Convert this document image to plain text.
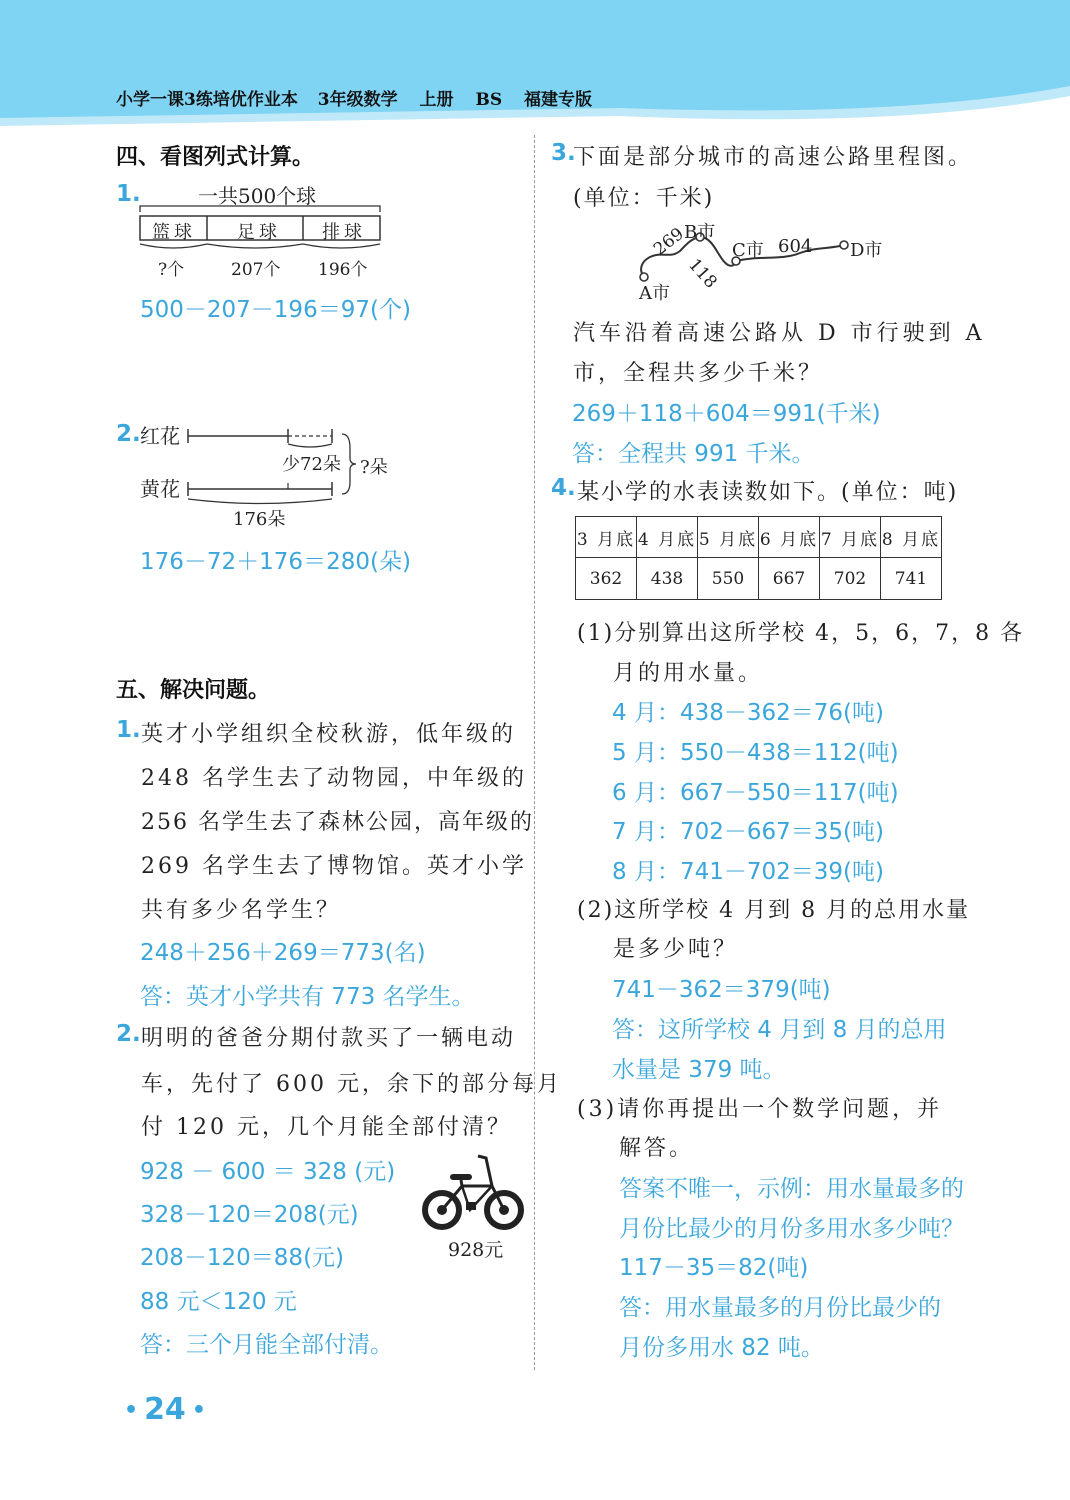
小学一课3练培优作业本 3年级数学 上册 BS 福建专版
四、看图列式计算。
1.	一共500个球
篮球 足球 排球
?个	207个 196个
500－207－196＝97(个)
2. 红花
黄花
少72朵 ?朵
176朵
176－72＋176＝280(朵)
五、解决问题。
1. 英才小学组织全校秋游，低年级的
248 名学生去了动物园，中年级的
256 名学生去了森林公园，高年级的
269 名学生去了博物馆。英才小学
共有多少名学生？
248＋256＋269＝773(名)
答：英才小学共有 773 名学生。
2. 明明的爸爸分期付款买了一辆电动
车，先付了 600 元，余下的部分每月
付 120 元，几个月能全部付清？
928 － 600 ＝ 328 (元)
328－120＝208(元)
208－120＝88(元)
88 元＜120 元
答：三个月能全部付清。
928元
3.
下面是部分城市的高速公路里程图。
(单位：千米)
A市
B市
C市	D市
269
118
604
汽车沿着高速公路从 D 市行驶到 A
市，全程共多少千米？
269＋118＋604＝991(千米)
答：全程共 991 千米。
4. 某小学的水表读数如下。(单位：吨)
3 月底	4 月底	5 月底	6 月底	7 月底	8 月底
362	438	550	667	702	741
(1)分别算出这所学校 4，5，6，7，8 各
月的用水量。
4 月：438－362＝76(吨)
5 月：550－438＝112(吨)
6 月：667－550＝117(吨)
7 月：702－667＝35(吨)
8 月：741－702＝39(吨)
(2)这所学校 4 月到 8 月的总用水量
是多少吨？
741－362＝379(吨)
答：这所学校 4 月到 8 月的总用
水量是 379 吨。
(3)请你再提出一个数学问题，并
解答。
答案不唯一，示例：用水量最多的
月份比最少的月份多用水多少吨？
117－35＝82(吨)
答：用水量最多的月份比最少的
月份多用水 82 吨。
• 24 •
